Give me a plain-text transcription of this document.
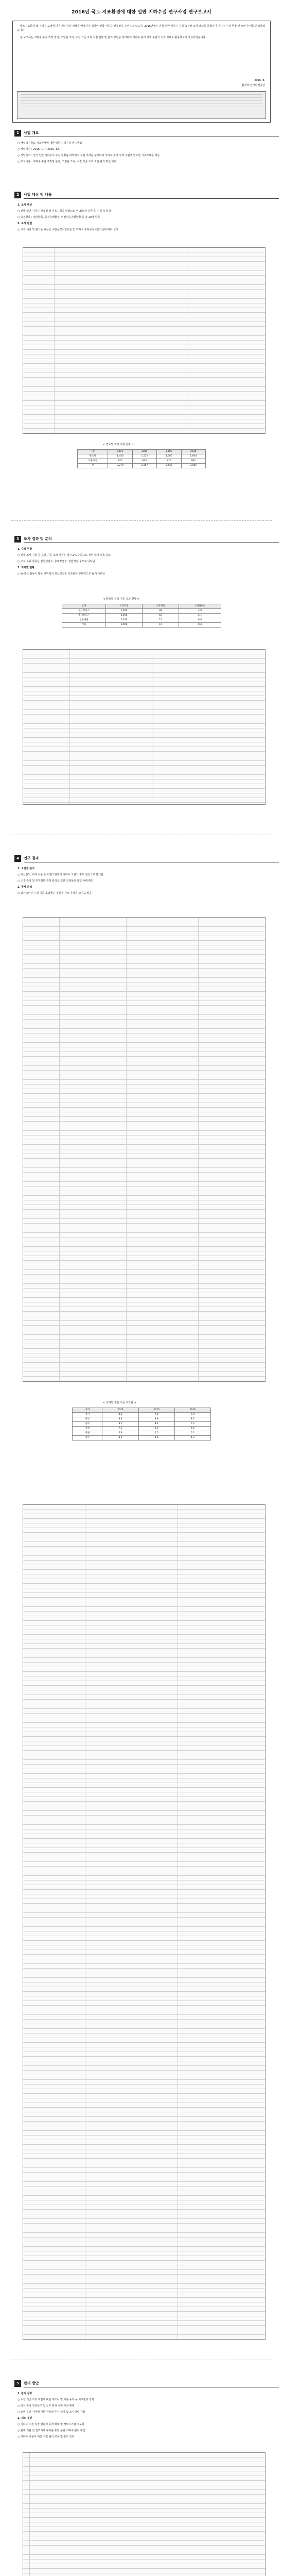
2016년 국토 지표환경에 대한 일반 지하수질 연구사업 연구보고서

국토지표환경 및 지하수 오염에 따른 국민건강 위해를 예방하기 위하여 전국 지하수 관측망을 운영하고 있으며, 2016년에는 전국 일반 지하수 수질 측정망 조사 결과를 종합하여 지하수 수질 현황 및 오염 추세를 분석하였습니다.

본 보고서는 지하수 수질 측정 결과, 오염원 조사, 수질 기준 초과 지점 현황 및 관리 방안을 정리하여 지하수 관리 정책 수립의 기초 자료로 활용하고자 작성되었습니다.

2016. 8.
환경부·한국환경공단
1	사업 개요

○ 사업명 : 국토 지표환경에 대한 일반 지하수질 연구사업

○ 사업기간 : 2016. 1. ~ 2016. 12.

○ 사업목적 : 전국 일반 지하수의 수질 현황을 파악하고 오염 추세를 분석하여 지하수 관리 정책 수립에 필요한 기초자료를 제공

○ 주요내용 : 지하수 수질 측정망 운영, 오염원 조사, 수질 기준 초과 지점 관리 방안 마련

2	사업 대상 및 내용

1. 조사 대상

○ 전국 일반 지하수 관측정 및 이용시설을 대상으로 연 2회(상·하반기) 수질 측정 실시

○ 측정항목 : 일반항목, 특정유해물질, 휘발성유기화합물 등 총 20개 항목

2. 조사 방법

○ 시료 채취 및 분석은 먹는물 수질공정시험기준 및 지하수 수질공정시험기준에 따라 실시

< 연도별 조사 지점 현황 >
구분	2013	2014	2015	2016
관측정	1,450	1,512	1,560	1,604
이용시설	820	845	870	902
계	2,270	2,357	2,430	2,506
3	조사 결과 및 분석

1. 수질 현황

○ 전체 조사 지점 중 수질 기준 초과 지점은 약 7.2% 수준으로 전년 대비 소폭 감소

○ 주요 초과 항목은 질산성질소, 총대장균군, 일반세균 순으로 나타남

2. 지역별 현황

○ 농·축산 활동이 많은 지역에서 질산성질소 초과율이 상대적으로 높게 나타남

< 항목별 수질 기준 초과 현황 >
항목	조사지점	초과지점	초과율(%)
질산성질소	2,506	98	3.9
총대장균군	2,506	52	2.1
일반세균	2,506	21	0.8
기타	2,506	10	0.4
4	연구 결과

1. 오염원 분석

○ 축산분뇨, 비료 사용 등 비점오염원이 지하수 오염의 주요 원인으로 분석됨

○ 노후 관정 및 부적절한 관정 관리로 인한 오염물질 유입 사례 확인

2. 추세 분석

○ 최근 5년간 수질 기준 초과율은 점진적 감소 추세를 보이고 있음

< 지역별 수질 기준 초과율 >
지역	2014	2015	2016
경기	8.1	7.6	7.0
충청	9.4	8.8	8.2
전라	8.7	8.1	7.5
경상	7.2	6.9	6.4
강원	5.8	5.5	5.1
제주	4.9	4.6	4.3
5	관리 방안

1. 관리 강화

○ 수질 기준 초과 지점에 대한 재조사 및 이용 중지 등 사후관리 강화

○ 방치 관정 원상복구 및 노후 관정 정비 사업 확대

○ 오염 우려 지역에 대한 관측망 추가 설치 및 모니터링 강화

2. 제도 개선

○ 지하수 수질 측정 결과의 공개 확대 및 정보시스템 고도화

○ 관계 기관 간 협력체계 구축을 통한 통합 지하수 관리 추진

○ 지하수 이용자 대상 수질 관리 교육 및 홍보 강화
